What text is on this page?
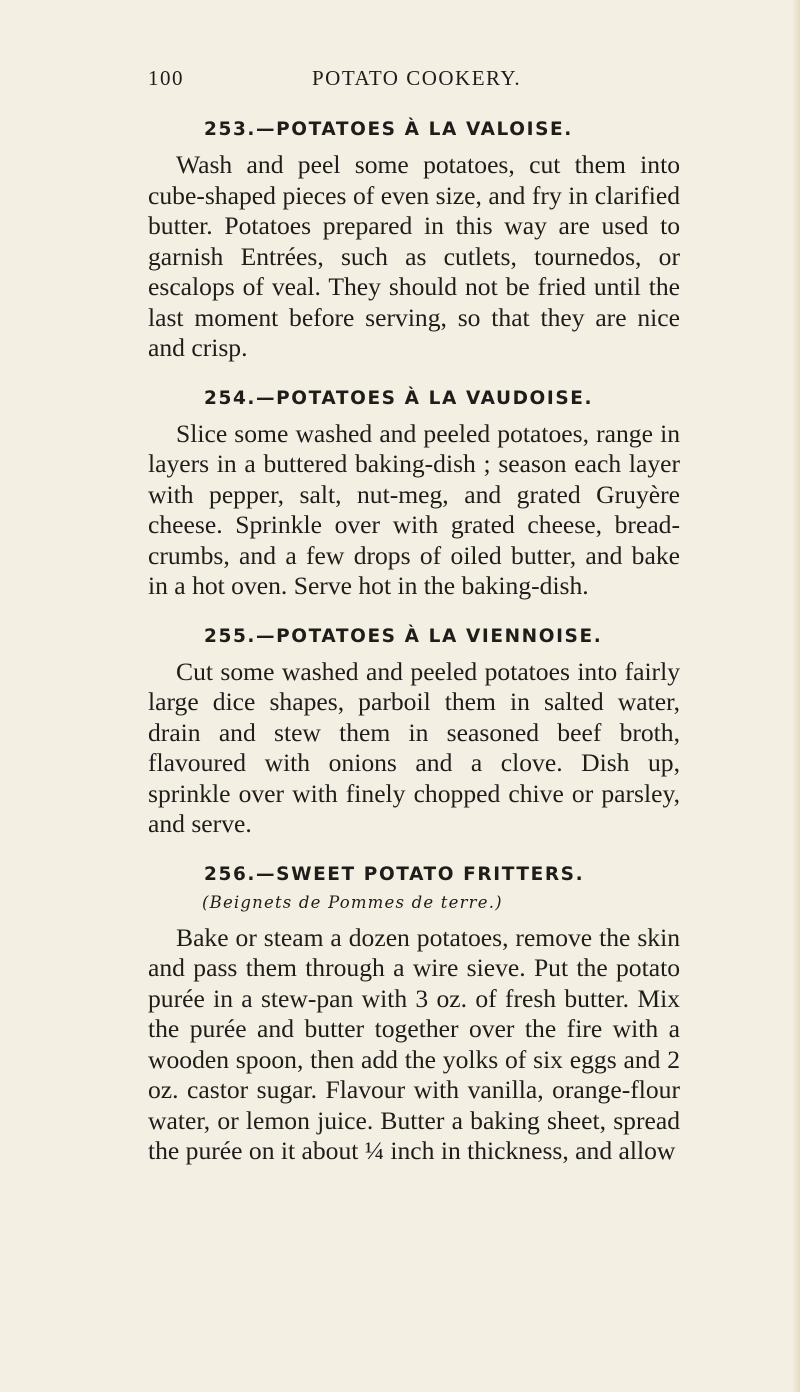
100	POTATO COOKERY.
253.—POTATOES À LA VALOISE.

Wash and peel some potatoes, cut them into cube-shaped pieces of even size, and fry in clarified butter. Potatoes prepared in this way are used to garnish Entrées, such as cutlets, tournedos, or escalops of veal. They should not be fried until the last moment before serving, so that they are nice and crisp.

254.—POTATOES À LA VAUDOISE.

Slice some washed and peeled potatoes, range in layers in a buttered baking-dish ; season each layer with pepper, salt, nut-meg, and grated Gruyère cheese. Sprinkle over with grated cheese, bread-crumbs, and a few drops of oiled butter, and bake in a hot oven. Serve hot in the baking-dish.

255.—POTATOES À LA VIENNOISE.

Cut some washed and peeled potatoes into fairly large dice shapes, parboil them in salted water, drain and stew them in seasoned beef broth, flavoured with onions and a clove. Dish up, sprinkle over with finely chopped chive or parsley, and serve.

256.—SWEET POTATO FRITTERS.

(Beignets de Pommes de terre.)

Bake or steam a dozen potatoes, remove the skin and pass them through a wire sieve. Put the potato purée in a stew-pan with 3 oz. of fresh butter. Mix the purée and butter together over the fire with a wooden spoon, then add the yolks of six eggs and 2 oz. castor sugar. Flavour with vanilla, orange-flour water, or lemon juice. Butter a baking sheet, spread the purée on it about ¼ inch in thickness, and allow
